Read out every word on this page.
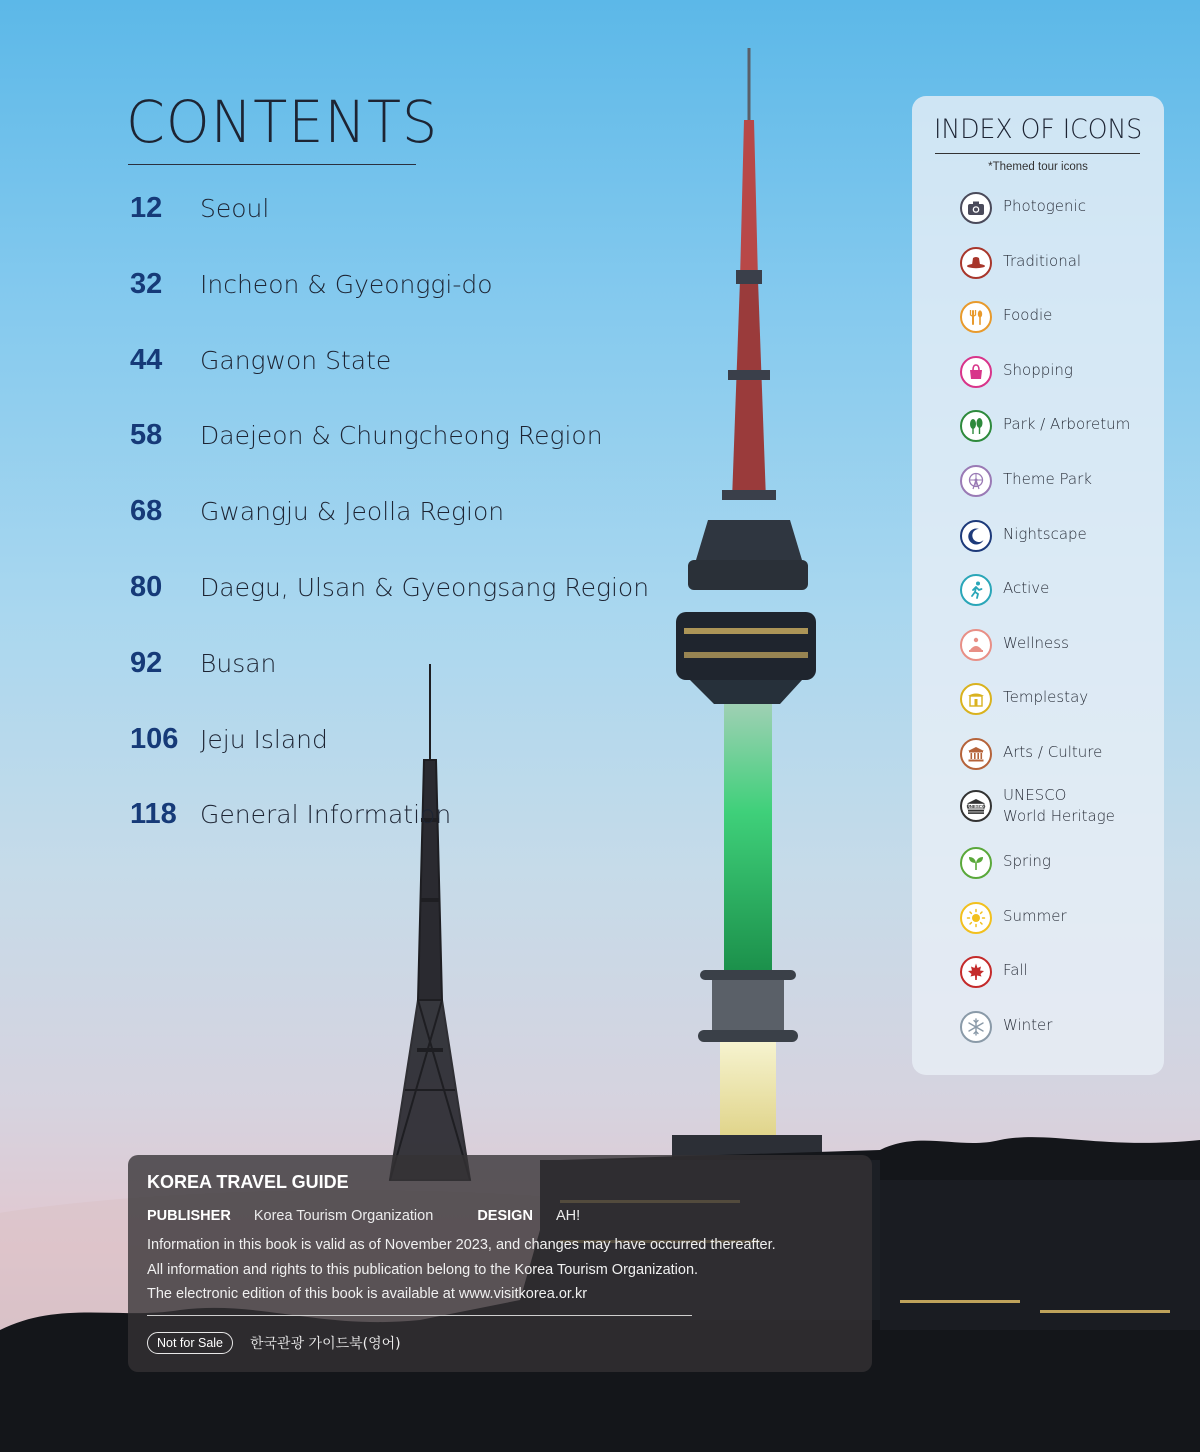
CONTENTS
12 Seoul
32 Incheon & Gyeonggi-do
44 Gangwon State
58 Daejeon & Chungcheong Region
68 Gwangju & Jeolla Region
80 Daegu, Ulsan & Gyeongsang Region
92 Busan
106 Jeju Island
118 General Information
INDEX OF ICONS
*Themed tour icons
Photogenic
Traditional
Foodie
Shopping
Park / Arboretum
Theme Park
Nightscape
Active
Wellness
Templestay
Arts / Culture
UNESCO
UNESCO
World Heritage
Spring
Summer
Fall
Winter
KOREA TRAVEL GUIDE
PUBLISHER Korea Tourism Organization	DESIGN AH!
Information in this book is valid as of November 2023, and changes may have occurred thereafter.
All information and rights to this publication belong to the Korea Tourism Organization.
The electronic edition of this book is available at www.visitkorea.or.kr
Not for Sale	한국관광 가이드북(영어)
